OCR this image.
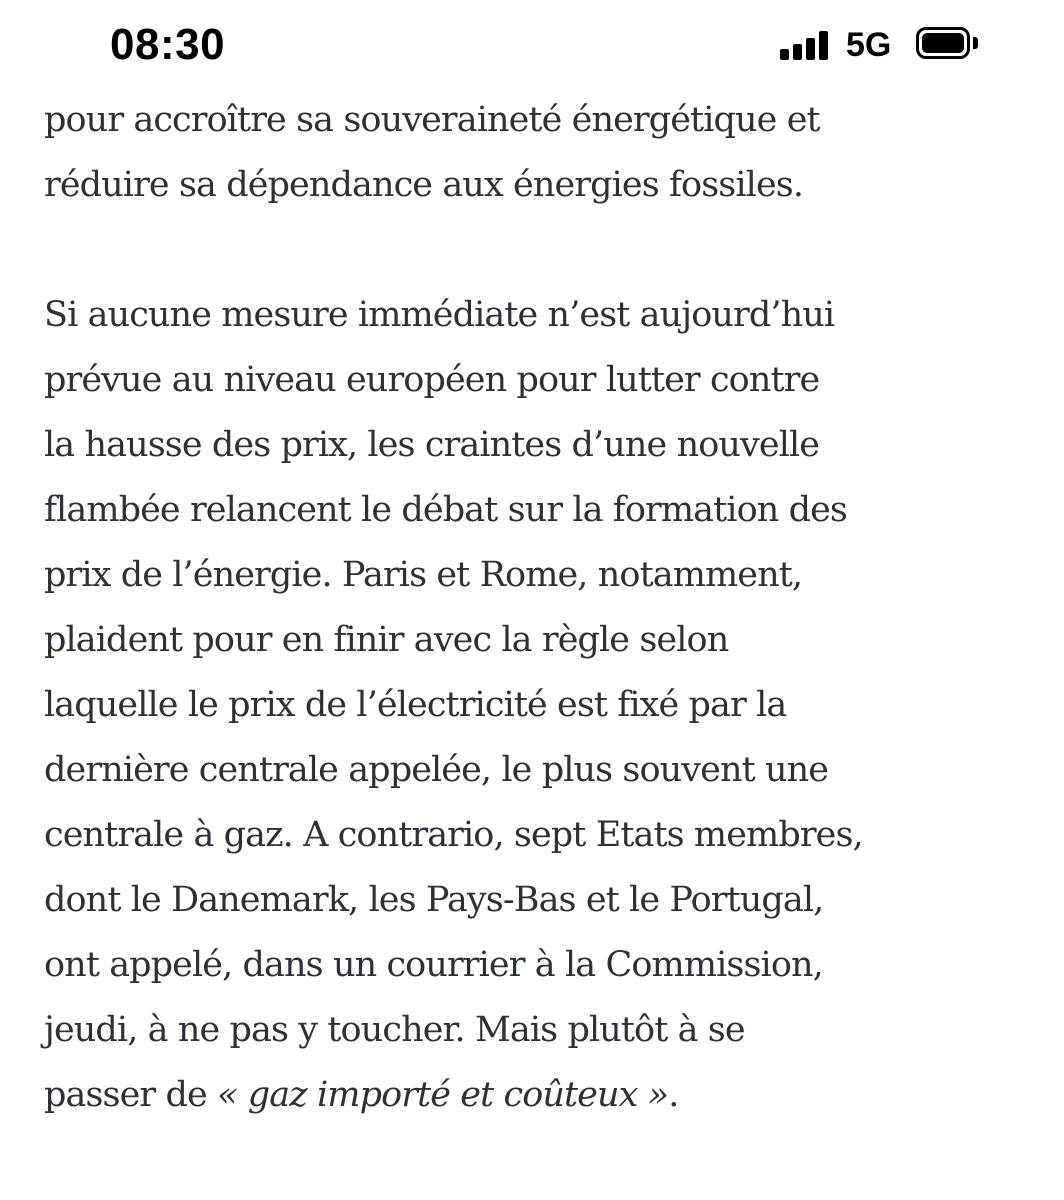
08:30	5G

pour accroître sa souveraineté énergétique et

réduire sa dépendance aux énergies fossiles.

Si aucune mesure immédiate n’est aujourd’hui

prévue au niveau européen pour lutter contre

la hausse des prix, les craintes d’une nouvelle

flambée relancent le débat sur la formation des

prix de l’énergie. Paris et Rome, notamment,

plaident pour en finir avec la règle selon

laquelle le prix de l’électricité est fixé par la

dernière centrale appelée, le plus souvent une

centrale à gaz. A contrario, sept Etats membres,

dont le Danemark, les Pays-Bas et le Portugal,

ont appelé, dans un courrier à la Commission,

jeudi, à ne pas y toucher. Mais plutôt à se

passer de « gaz importé et coûteux ».
